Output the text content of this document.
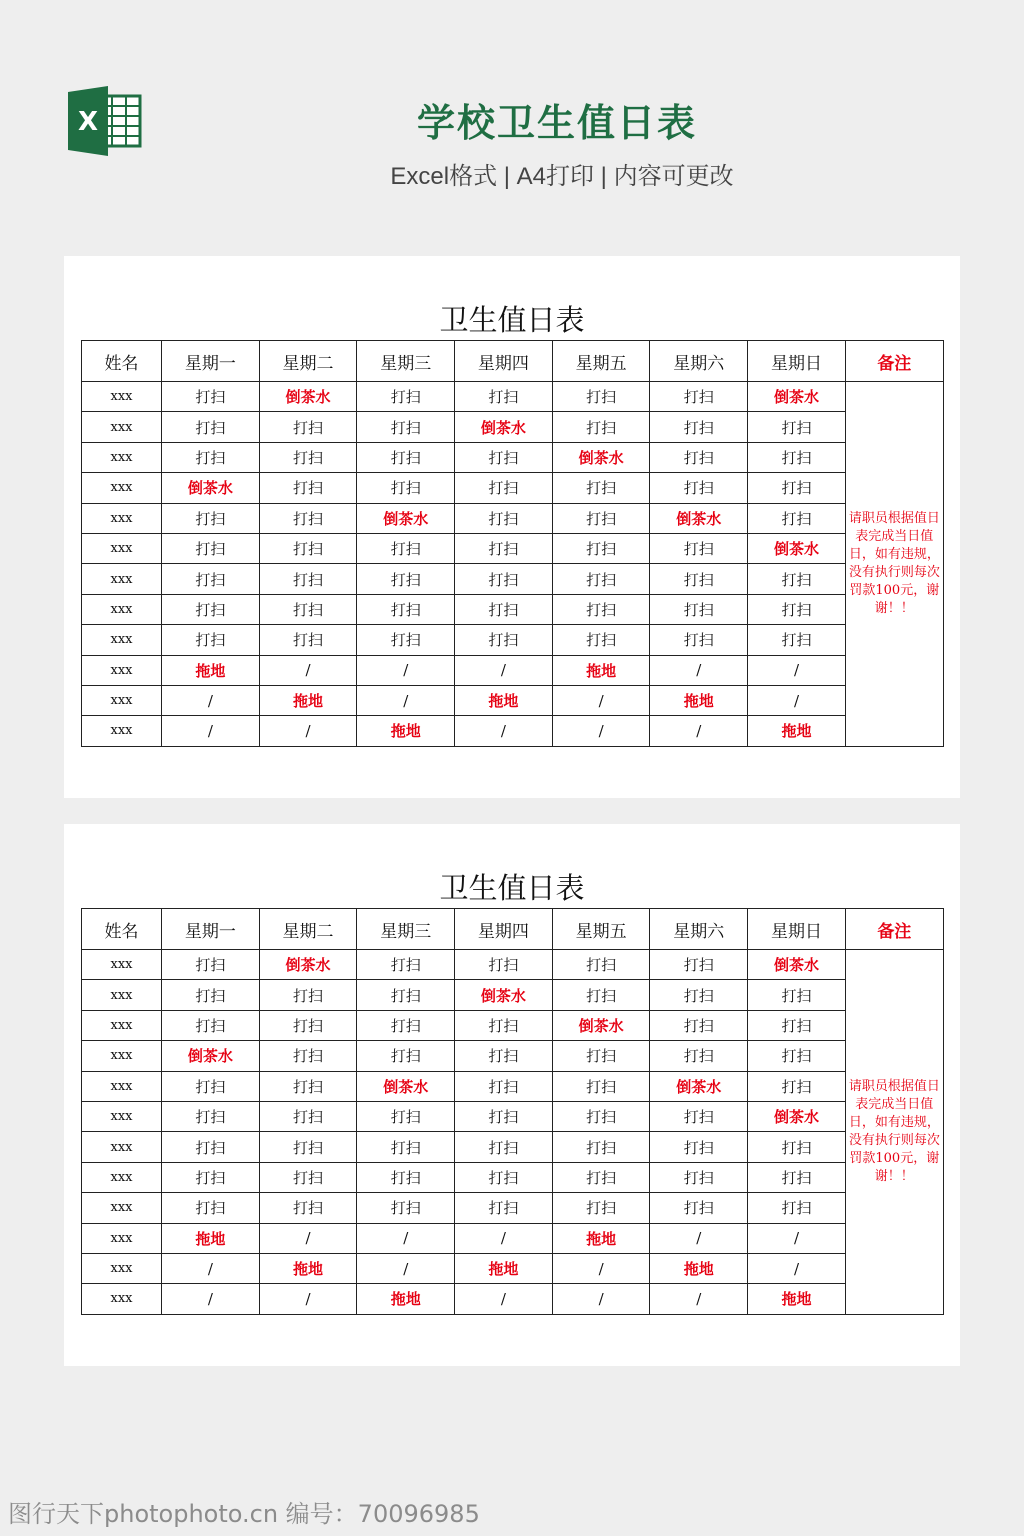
X	学校卫生值日表
Excel格式 | A4打印 | 内容可更改
卫生值日表
姓名	星期一	星期二	星期三	星期四	星期五	星期六	星期日	备注
xxx	打扫	倒茶水	打扫	打扫	打扫	打扫	倒茶水	请职员根据值日表完成当日值日，如有违规，没有执行则每次罚款100元，谢谢！！
xxx	打扫	打扫	打扫	倒茶水	打扫	打扫	打扫	
xxx	打扫	打扫	打扫	打扫	倒茶水	打扫	打扫	
xxx	倒茶水	打扫	打扫	打扫	打扫	打扫	打扫	
xxx	打扫	打扫	倒茶水	打扫	打扫	倒茶水	打扫	
xxx	打扫	打扫	打扫	打扫	打扫	打扫	倒茶水	
xxx	打扫	打扫	打扫	打扫	打扫	打扫	打扫	
xxx	打扫	打扫	打扫	打扫	打扫	打扫	打扫	
xxx	打扫	打扫	打扫	打扫	打扫	打扫	打扫	
xxx	拖地	/	/	/	拖地	/	/	
xxx	/	拖地	/	拖地	/	拖地	/	
xxx	/	/	拖地	/	/	/	拖地	
卫生值日表
姓名	星期一	星期二	星期三	星期四	星期五	星期六	星期日	备注
xxx	打扫	倒茶水	打扫	打扫	打扫	打扫	倒茶水	请职员根据值日表完成当日值日，如有违规，没有执行则每次罚款100元，谢谢！！
xxx	打扫	打扫	打扫	倒茶水	打扫	打扫	打扫	
xxx	打扫	打扫	打扫	打扫	倒茶水	打扫	打扫	
xxx	倒茶水	打扫	打扫	打扫	打扫	打扫	打扫	
xxx	打扫	打扫	倒茶水	打扫	打扫	倒茶水	打扫	
xxx	打扫	打扫	打扫	打扫	打扫	打扫	倒茶水	
xxx	打扫	打扫	打扫	打扫	打扫	打扫	打扫	
xxx	打扫	打扫	打扫	打扫	打扫	打扫	打扫	
xxx	打扫	打扫	打扫	打扫	打扫	打扫	打扫	
xxx	拖地	/	/	/	拖地	/	/	
xxx	/	拖地	/	拖地	/	拖地	/	
xxx	/	/	拖地	/	/	/	拖地	
图行天下photophoto.cn 编号：70096985
